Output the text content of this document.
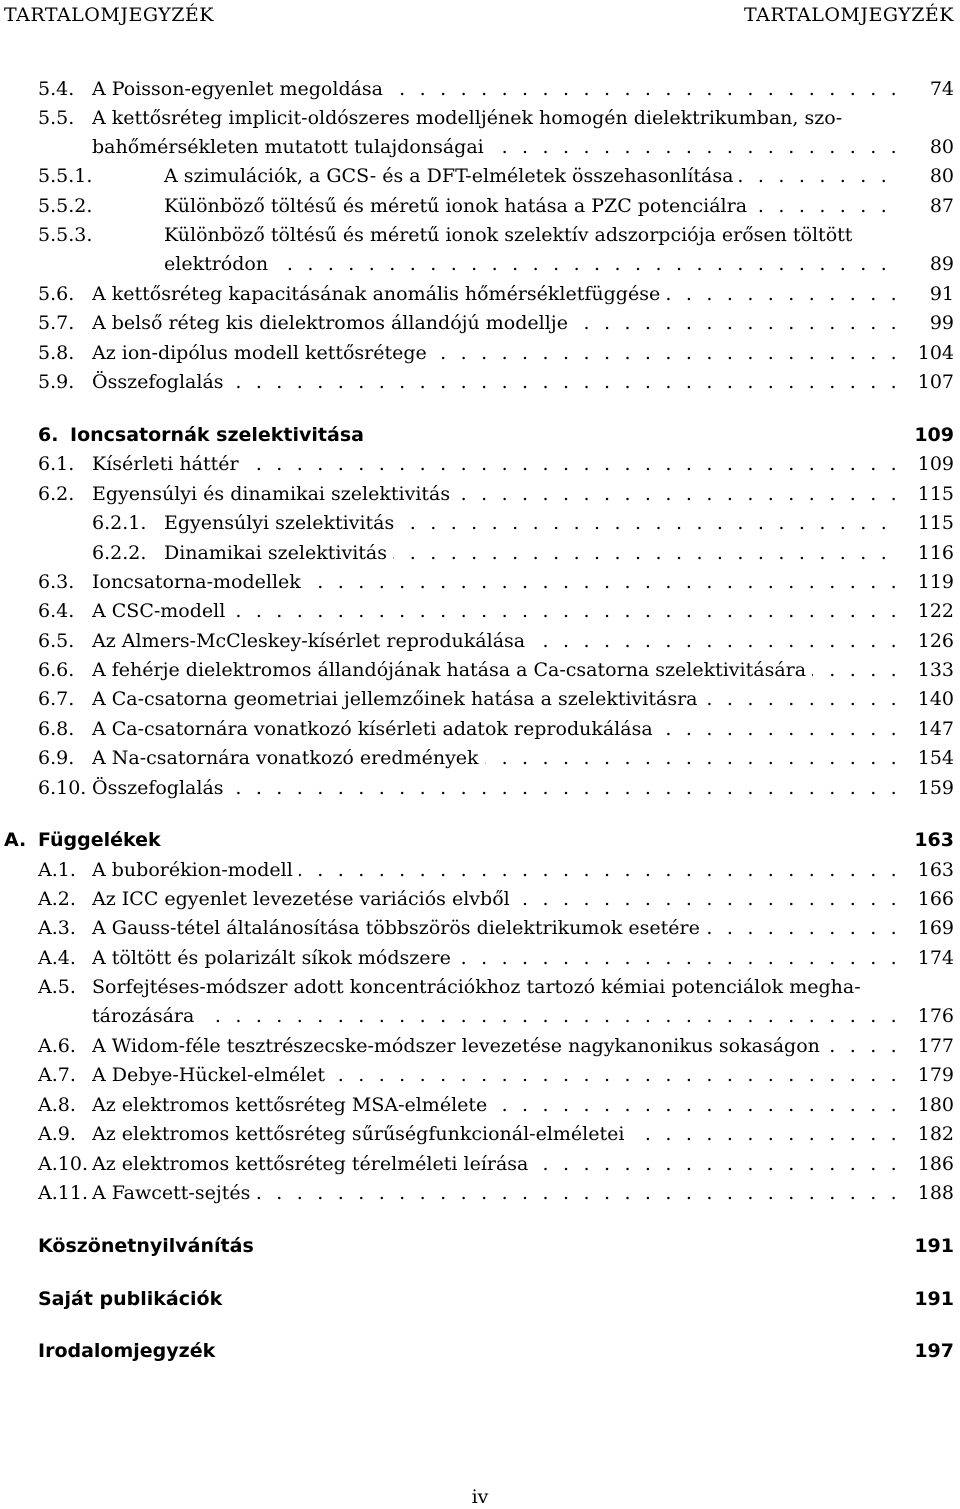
TARTALOMJEGYZÉK	TARTALOMJEGYZÉK
5.4. A Poisson-egyenlet megoldása . . .	74
5.5. A kettősréteg implicit-oldószeres modelljének homogén dielektrikumban, szo-
bahőmérsékleten mutatott tulajdonságai . . .	80
5.5.1.	A szimulációk, a GCS- és a DFT-elméletek összehasonlítása . . .	80
5.5.2.	Különböző töltésű és méretű ionok hatása a PZC potenciálra . . .	87
5.5.3.	Különböző töltésű és méretű ionok szelektív adszorpciója erősen töltött
elektródon . . .	89
5.6. A kettősréteg kapacitásának anomális hőmérsékletfüggése . . .	91
5.7. A belső réteg kis dielektromos állandójú modellje . . .	99
5.8. Az ion-dipólus modell kettősrétege . . .	104
5.9. Összefoglalás . . .	107
6. Ioncsatornák szelektivitása	109
6.1. Kísérleti háttér . . .	109
6.2. Egyensúlyi és dinamikai szelektivitás . . .	115
6.2.1. Egyensúlyi szelektivitás . . .	115
6.2.2. Dinamikai szelektivitás . . .	116
6.3. Ioncsatorna-modellek . . .	119
6.4. A CSC-modell . . .	122
6.5. Az Almers-McCleskey-kísérlet reprodukálása . . .	126
6.6. A fehérje dielektromos állandójának hatása a Ca-csatorna szelektivitására . . .	133
6.7. A Ca-csatorna geometriai jellemzőinek hatása a szelektivitásra . . .	140
6.8. A Ca-csatornára vonatkozó kísérleti adatok reprodukálása . . .	147
6.9. A Na-csatornára vonatkozó eredmények . . .	154
6.10. Összefoglalás . . .	159
A. Függelékek	163
A.1. A buborékion-modell . . .	163
A.2. Az ICC egyenlet levezetése variációs elvből . . .	166
A.3. A Gauss-tétel általánosítása többszörös dielektrikumok esetére . . .	169
A.4. A töltött és polarizált síkok módszere . . .	174
A.5. Sorfejtéses-módszer adott koncentrációkhoz tartozó kémiai potenciálok megha-
tározására . . .	176
A.6. A Widom-féle tesztrészecske-módszer levezetése nagykanonikus sokaságon . . .	177
A.7. A Debye-Hückel-elmélet . . .	179
A.8. Az elektromos kettősréteg MSA-elmélete . . .	180
A.9. Az elektromos kettősréteg sűrűségfunkcionál-elméletei . . .	182
A.10. Az elektromos kettősréteg térelméleti leírása . . .	186
A.11. A Fawcett-sejtés . . .	188
Köszönetnyilvánítás	191
Saját publikációk	191
Irodalomjegyzék	197
iv
